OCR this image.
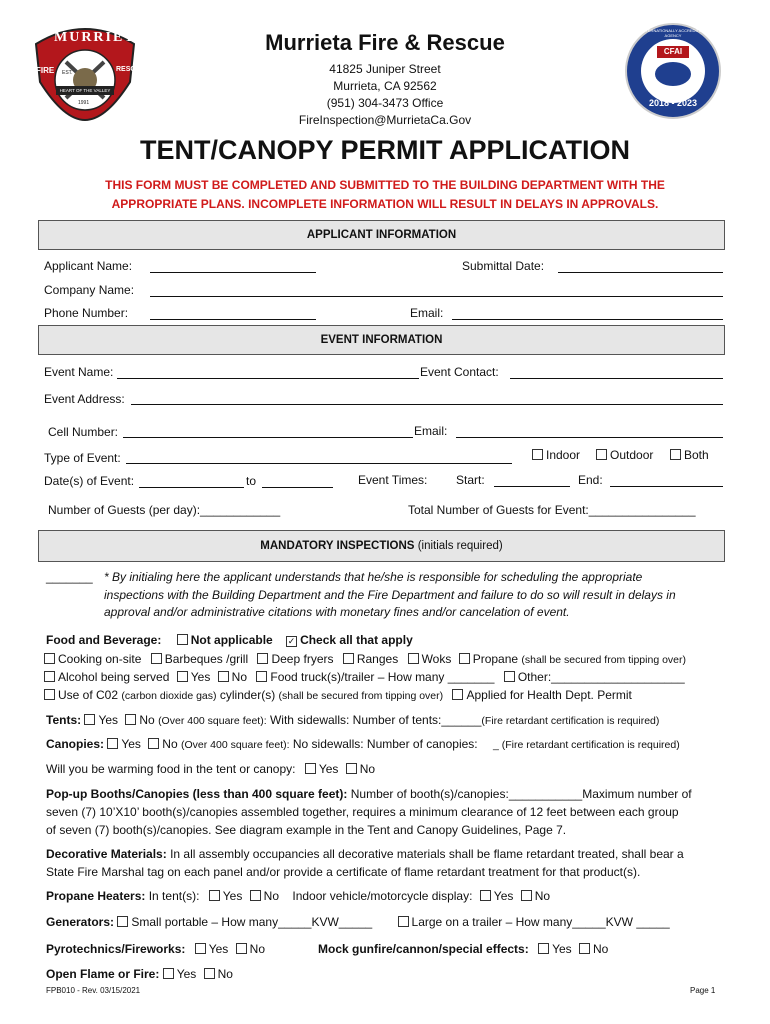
MURRIETA
FIRE	RESCUE
HEART OF THE VALLEY
EST.
1991
INTERNATIONALLY ACCREDITED AGENCY
CFAI
2018 - 2023
Murrieta Fire & Rescue
41825 Juniper Street
Murrieta, CA 92562
(951) 304-3473 Office
FireInspection@MurrietaCa.Gov
TENT/CANOPY PERMIT APPLICATION
THIS FORM MUST BE COMPLETED AND SUBMITTED TO THE BUILDING DEPARTMENT WITH THE
APPROPRIATE PLANS. INCOMPLETE INFORMATION WILL RESULT IN DELAYS IN APPROVALS.
APPLICANT INFORMATION
Applicant Name:	Submittal Date:
Company Name:
Phone Number:	Email:
EVENT INFORMATION
Event Name:	Event Contact:
Event Address:
Cell Number:	Email:
Type of Event:	Indoor	Outdoor	Both
Date(s) of Event:	to	Event Times: Start:	End:
Number of Guests (per day):____________	Total Number of Guests for Event:________________
MANDATORY INSPECTIONS (initials required)
_______ * By initialing here the applicant understands that he/she is responsible for scheduling the appropriate
inspections with the Building Department and the Fire Department and failure to do so will result in delays in
approval and/or administrative citations with monetary fines and/or cancelation of event.
Food and Beverage: Not applicable ✓ Check all that apply
Cooking on-site Barbeques /grill Deep fryers Ranges Woks Propane (shall be secured from tipping over)
Alcohol being served Yes No Food truck(s)/trailer – How many _______ Other:____________________
Use of C02 (carbon dioxide gas) cylinder(s) (shall be secured from tipping over) Applied for Health Dept. Permit
Tents: Yes No (Over 400 square feet): With sidewalls: Number of tents:______(Fire retardant certification is required)
Canopies: Yes No (Over 400 square feet): No sidewalls: Number of canopies: _ (Fire retardant certification is required)
Will you be warming food in the tent or canopy: Yes No
Pop-up Booths/Canopies (less than 400 square feet): Number of booth(s)/canopies:___________Maximum number of
seven (7) 10’X10’ booth(s)/canopies assembled together, requires a minimum clearance of 12 feet between each group
of seven (7) booth(s)/canopies. See diagram example in the Tent and Canopy Guidelines, Page 7.
Decorative Materials: In all assembly occupancies all decorative materials shall be flame retardant treated, shall bear a
State Fire Marshal tag on each panel and/or provide a certificate of flame retardant treatment for that product(s).
Propane Heaters: In tent(s): Yes No Indoor vehicle/motorcycle display: Yes No
Generators: Small portable – How many_____KVW_____	Large on a trailer – How many_____KVW _____
Pyrotechnics/Fireworks: Yes No	Mock gunfire/cannon/special effects: Yes No
Open Flame or Fire: Yes No
FPB010 - Rev. 03/15/2021	Page 1
